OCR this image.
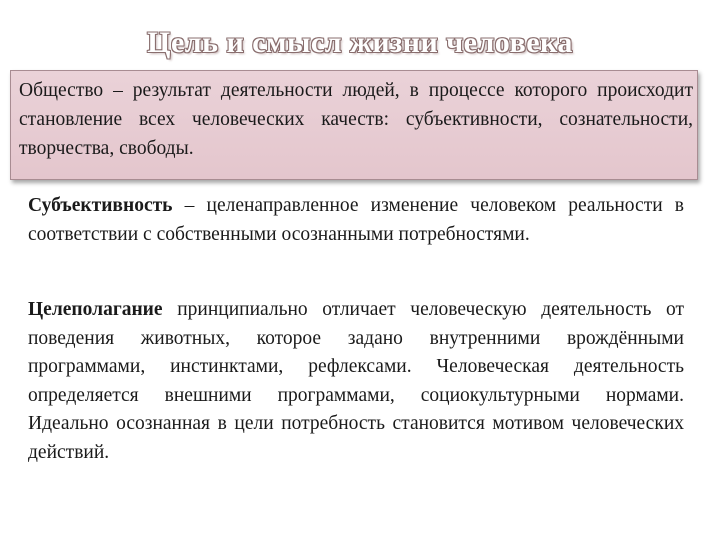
Цель и смысл жизни человека
Общество – результат деятельности людей, в процессе которого происходит становление всех человеческих качеств: субъективности, сознательности, творчества, свободы.
Субъективность – целенаправленное изменение человеком реальности в соответствии с собственными осознанными потребностями.
Целеполагание принципиально отличает человеческую деятельность от поведения животных, которое задано внутренними врождёнными программами, инстинктами, рефлексами. Человеческая деятельность определяется внешними программами, социокультурными нормами. Идеально осознанная в цели потребность становится мотивом человеческих действий.
